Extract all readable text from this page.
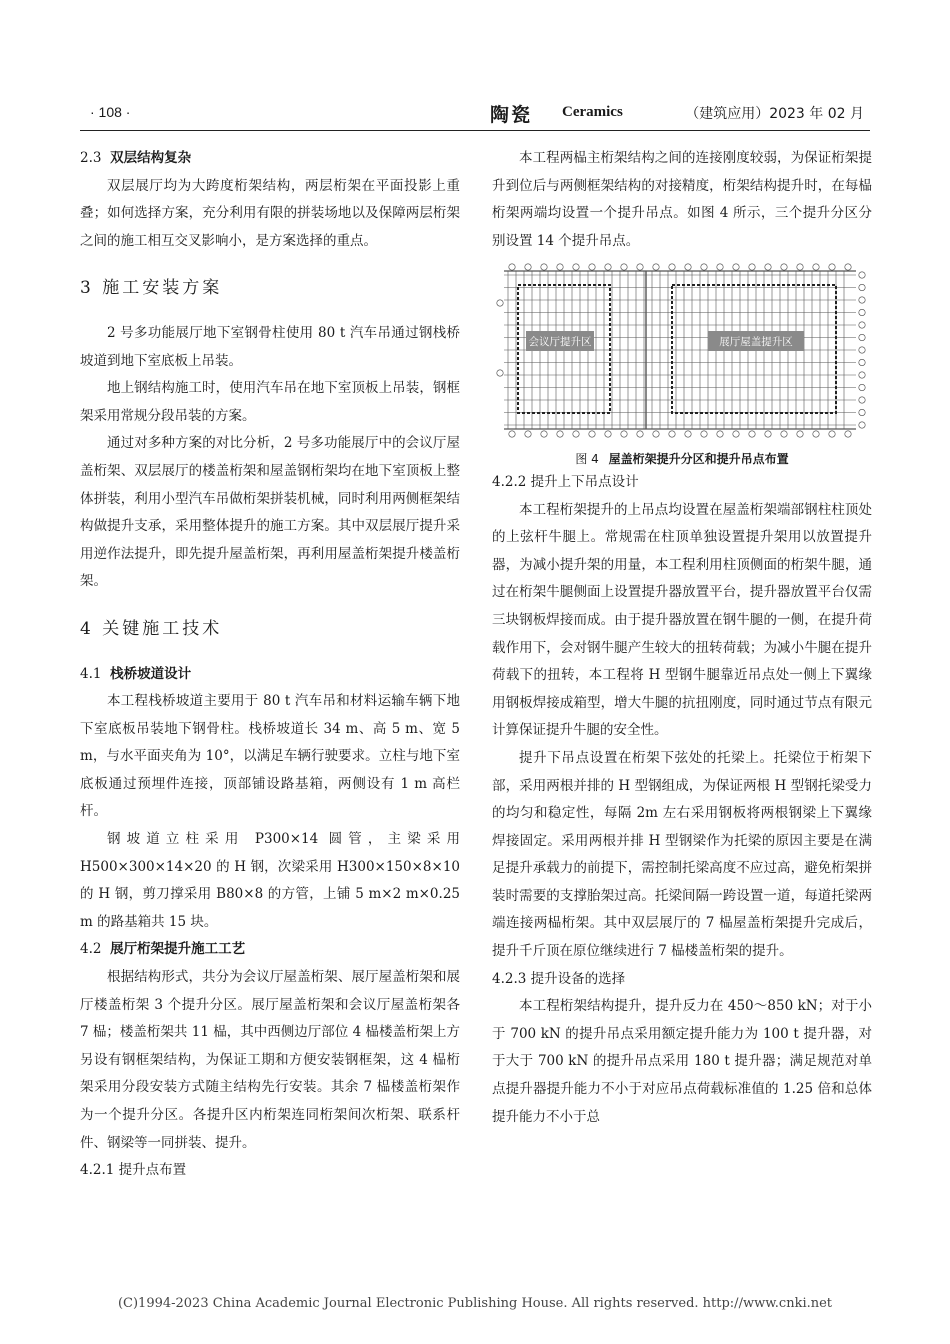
· 108 ·	陶瓷 Ceramics	（建筑应用）2023 年 02 月
2.3 双层结构复杂

双层展厅均为大跨度桁架结构，两层桁架在平面投影上重叠；如何选择方案，充分利用有限的拼装场地以及保障两层桁架之间的施工相互交叉影响小，是方案选择的重点。

3 施工安装方案

2 号多功能展厅地下室钢骨柱使用 80 t 汽车吊通过钢栈桥坡道到地下室底板上吊装。

地上钢结构施工时，使用汽车吊在地下室顶板上吊装，钢框架采用常规分段吊装的方案。

通过对多种方案的对比分析，2 号多功能展厅中的会议厅屋盖桁架、双层展厅的楼盖桁架和屋盖钢桁架均在地下室顶板上整体拼装，利用小型汽车吊做桁架拼装机械，同时利用两侧框架结构做提升支承，采用整体提升的施工方案。其中双层展厅提升采用逆作法提升，即先提升屋盖桁架，再利用屋盖桁架提升楼盖桁架。

4 关键施工技术
4.1 栈桥坡道设计

本工程栈桥坡道主要用于 80 t 汽车吊和材料运输车辆下地下室底板吊装地下钢骨柱。栈桥坡道长 34 m、高 5 m、宽 5 m，与水平面夹角为 10°，以满足车辆行驶要求。立柱与地下室底板通过预埋件连接，顶部铺设路基箱，两侧设有 1 m 高栏杆。

钢坡道立柱采用 P300×14 圆管，主梁采用 H500×300×14×20 的 H 钢，次梁采用 H300×150×8×10 的 H 钢，剪刀撑采用 B80×8 的方管，上铺 5 m×2 m×0.25 m 的路基箱共 15 块。

4.2 展厅桁架提升施工工艺

根据结构形式，共分为会议厅屋盖桁架、展厅屋盖桁架和展厅楼盖桁架 3 个提升分区。展厅屋盖桁架和会议厅屋盖桁架各 7 榀；楼盖桁架共 11 榀，其中西侧边厅部位 4 榀楼盖桁架上方另设有钢框架结构，为保证工期和方便安装钢框架，这 4 榀桁架采用分段安装方式随主结构先行安装。其余 7 榀楼盖桁架作为一个提升分区。各提升区内桁架连同桁架间次桁架、联系杆件、钢梁等一同拼装、提升。

4.2.1 提升点布置

本工程两榀主桁架结构之间的连接刚度较弱，为保证桁架提升到位后与两侧框架结构的对接精度，桁架结构提升时，在每榀桁架两端均设置一个提升吊点。如图 4 所示，三个提升分区分别设置 14 个提升吊点。

会议厅提升区	展厅屋盖提升区
图 4 屋盖桁架提升分区和提升吊点布置
4.2.2 提升上下吊点设计

本工程桁架提升的上吊点均设置在屋盖桁架端部钢柱柱顶处的上弦杆牛腿上。常规需在柱顶单独设置提升架用以放置提升器，为减小提升架的用量，本工程利用柱顶侧面的桁架牛腿，通过在桁架牛腿侧面上设置提升器放置平台，提升器放置平台仅需三块钢板焊接而成。由于提升器放置在钢牛腿的一侧，在提升荷载作用下，会对钢牛腿产生较大的扭转荷载；为减小牛腿在提升荷载下的扭转，本工程将 H 型钢牛腿靠近吊点处一侧上下翼缘用钢板焊接成箱型，增大牛腿的抗扭刚度，同时通过节点有限元计算保证提升牛腿的安全性。

提升下吊点设置在桁架下弦处的托梁上。托梁位于桁架下部，采用两根并排的 H 型钢组成，为保证两根 H 型钢托梁受力的均匀和稳定性，每隔 2m 左右采用钢板将两根钢梁上下翼缘焊接固定。采用两根并排 H 型钢梁作为托梁的原因主要是在满足提升承载力的前提下，需控制托梁高度不应过高，避免桁架拼装时需要的支撑胎架过高。托梁间隔一跨设置一道，每道托梁两端连接两榀桁架。其中双层展厅的 7 榀屋盖桁架提升完成后，提升千斤顶在原位继续进行 7 榀楼盖桁架的提升。

4.2.3 提升设备的选择

本工程桁架结构提升，提升反力在 450～850 kN；对于小于 700 kN 的提升吊点采用额定提升能力为 100 t 提升器，对于大于 700 kN 的提升吊点采用 180 t 提升器；满足规范对单点提升器提升能力不小于对应吊点荷载标准值的 1.25 倍和总体提升能力不小于总

(C)1994-2023 China Academic Journal Electronic Publishing House. All rights reserved. http://www.cnki.net
